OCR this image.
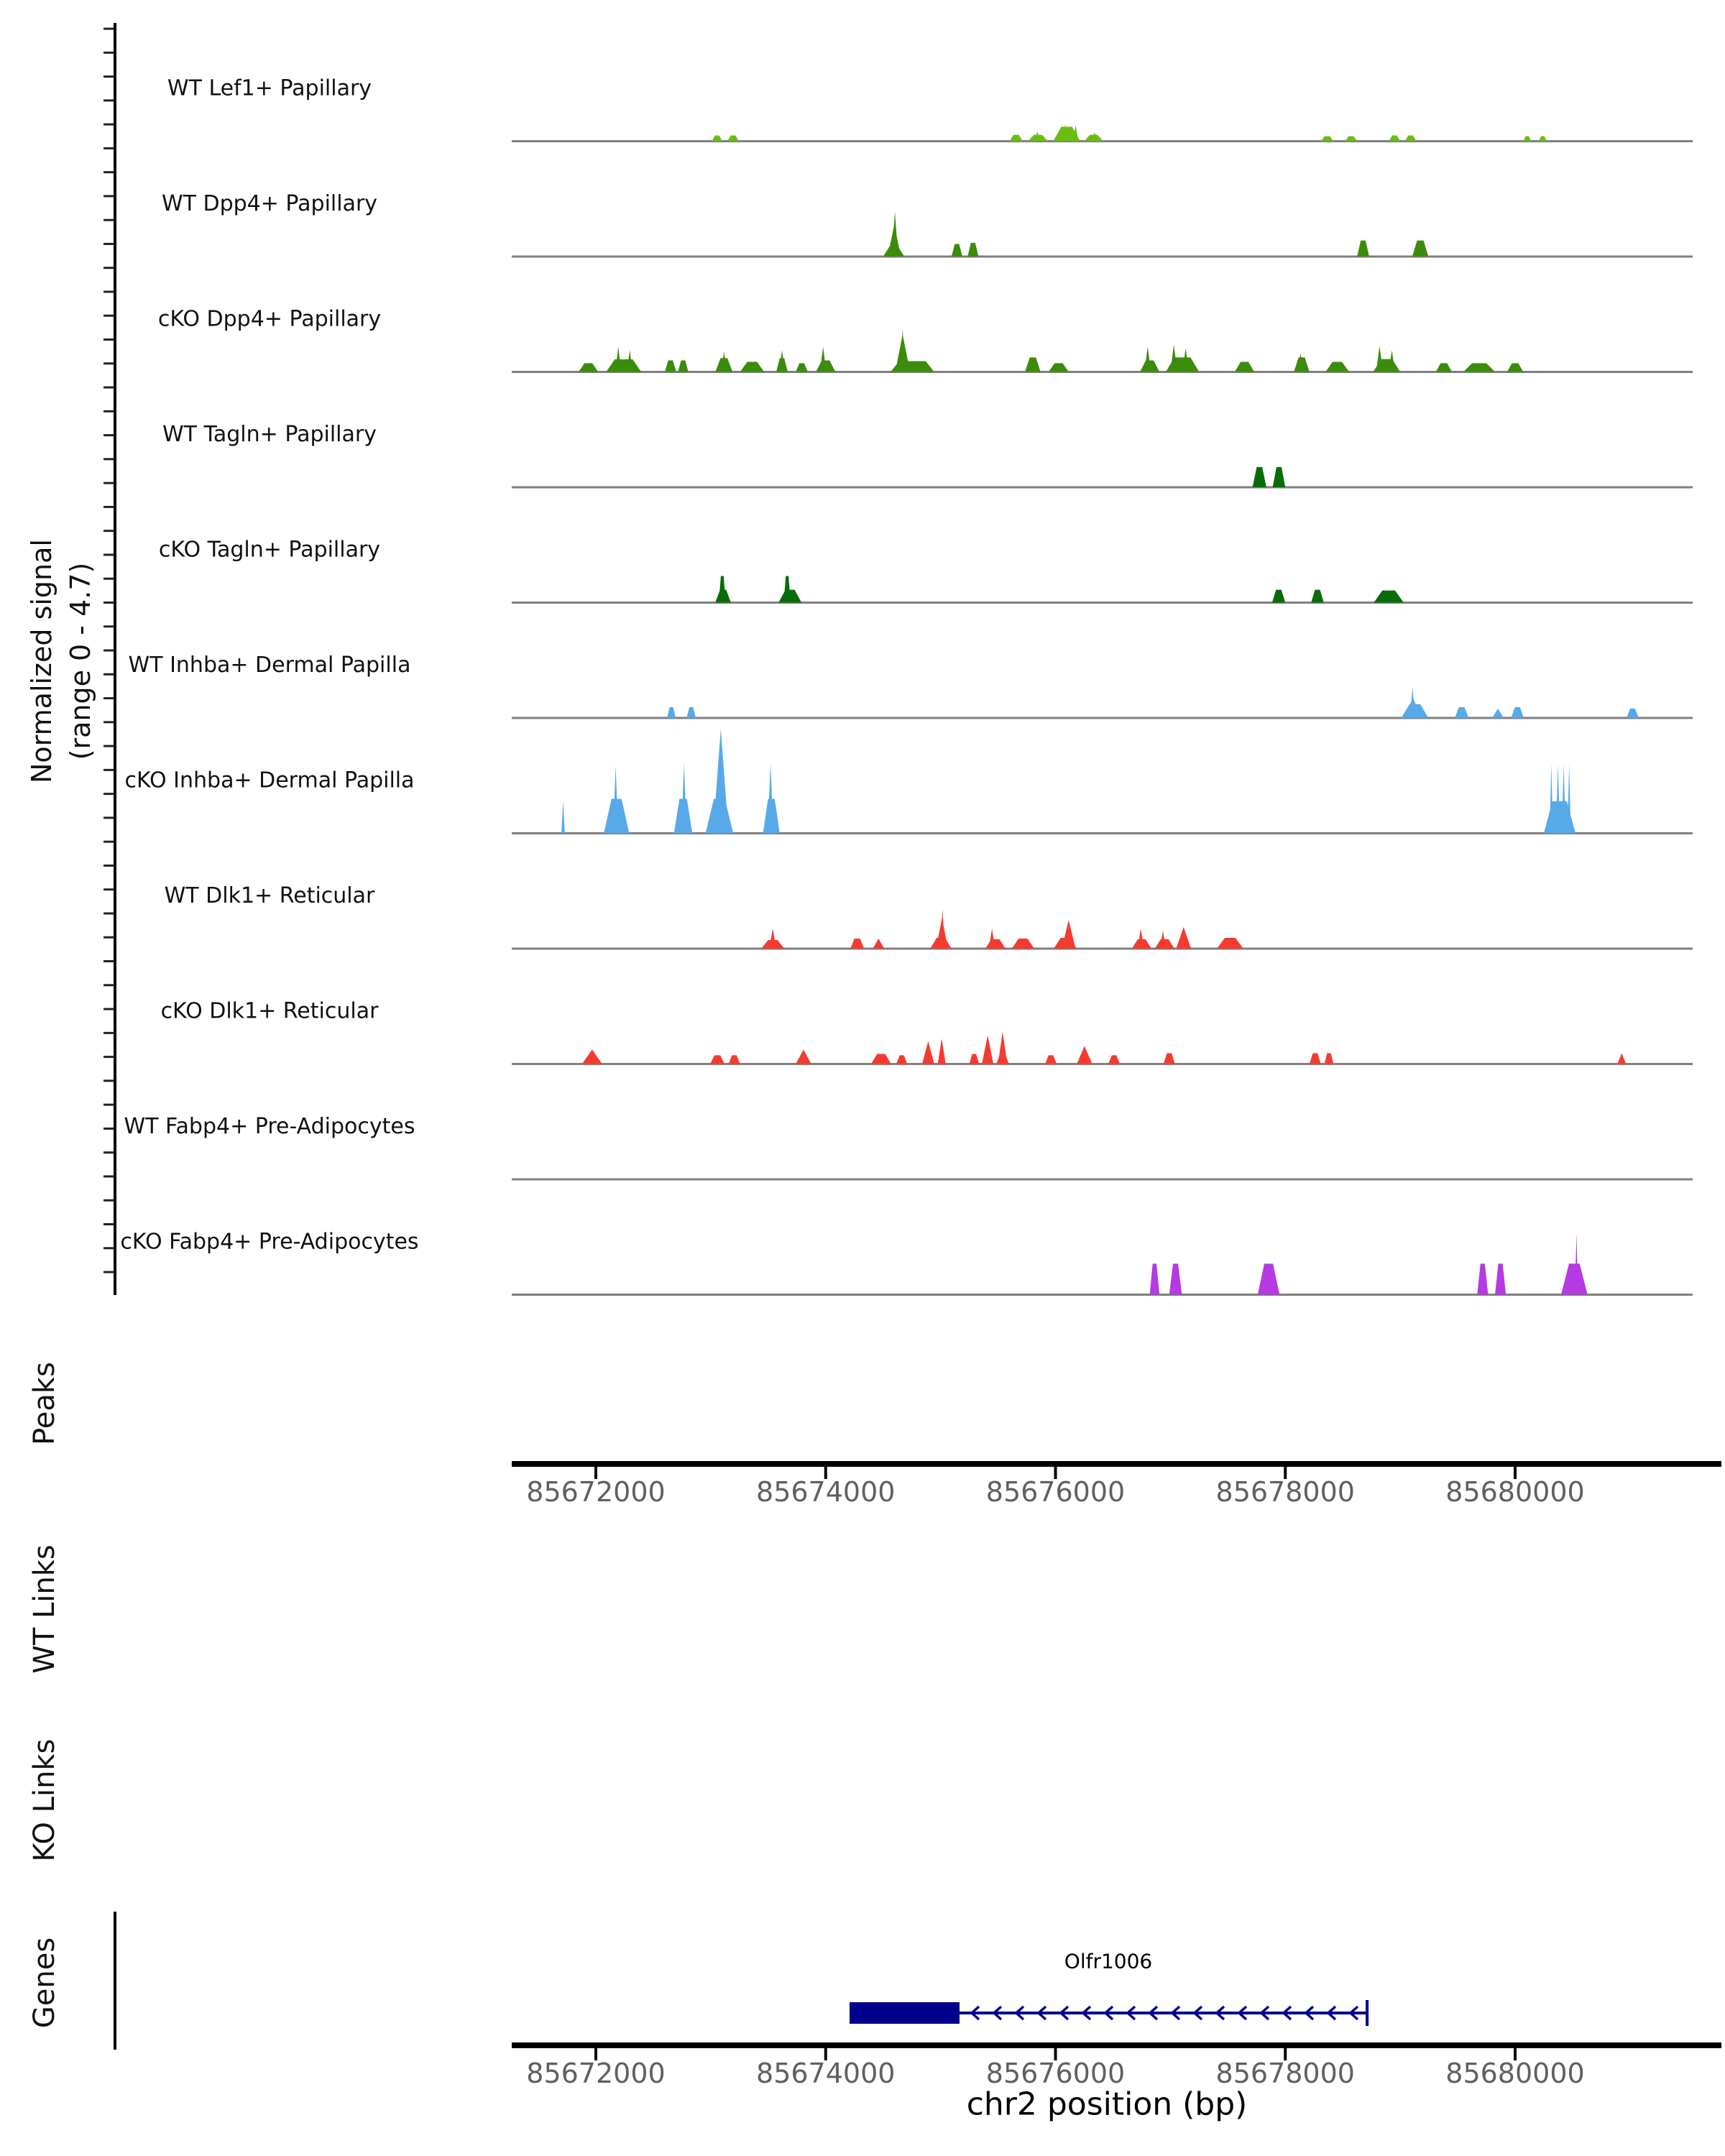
WT Lef1+ Papillary
WT Dpp4+ Papillary
cKO Dpp4+ Papillary
WT Tagln+ Papillary
cKO Tagln+ Papillary
WT Inhba+ Dermal Papilla
cKO Inhba+ Dermal Papilla
WT Dlk1+ Reticular
cKO Dlk1+ Reticular
WT Fabp4+ Pre-Adipocytes
cKO Fabp4+ Pre-Adipocytes
85672000	85674000	85676000	85678000	85680000
85672000	85674000	85676000	85678000	85680000
Normalized signal (range 0 - 4.7)
Peaks
WT Links
KO Links
Genes	Olfr1006
chr2 position (bp)
